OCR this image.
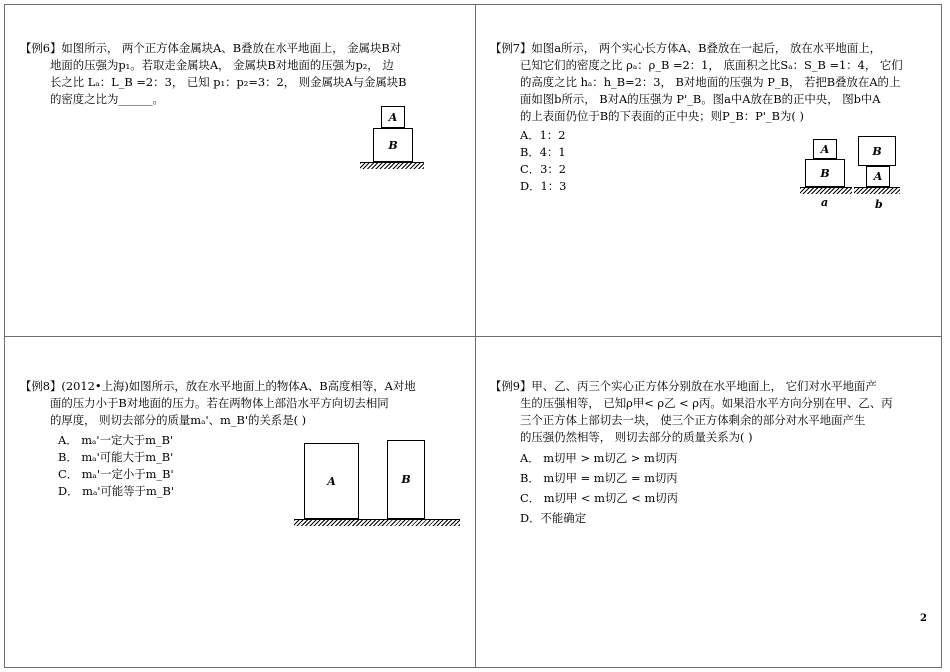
【例6】如图所示， 两个正方体金属块A、B叠放在水平地面上， 金属块B对
地面的压强为p₁。若取走金属块A， 金属块B对地面的压强为p₂， 边
长之比 Lₐ：L_B =2：3， 已知 p₁：p₂=3：2， 则金属块A与金属块B
的密度之比为______。
A
B
【例7】如图a所示， 两个实心长方体A、B叠放在一起后， 放在水平地面上，
已知它们的密度之比 ρₐ：ρ_B =2：1， 底面积之比Sₐ：S_B =1：4， 它们
的高度之比 hₐ：h_B=2：3， B对地面的压强为 P_B， 若把B叠放在A的上
面如图b所示， B对A的压强为 P'_B。图a中A放在B的正中央， 图b中A
的上表面仍位于B的下表面的正中央；则P_B：P'_B为( )
A．1：2
B．4：1
C．3：2
D．1：3
A
B
B
A
a	b
【例8】(2012•上海)如图所示，放在水平地面上的物体A、B高度相等，A对地
面的压力小于B对地面的压力。若在两物体上部沿水平方向切去相同
的厚度， 则切去部分的质量mₐ'、m_B'的关系是( )
A． mₐ'一定大于m_B'
B． mₐ'可能大于m_B'
C． mₐ'一定小于m_B'
D． mₐ'可能等于m_B'
A	B
【例9】甲、乙、丙三个实心正方体分别放在水平地面上， 它们对水平地面产
生的压强相等， 已知ρ甲< ρ乙 < ρ丙。如果沿水平方向分别在甲、乙、丙
三个正方体上部切去一块， 使三个正方体剩余的部分对水平地面产生
的压强仍然相等， 则切去部分的质量关系为( )
A． m切甲 > m切乙 > m切丙
B． m切甲 = m切乙 = m切丙
C． m切甲 < m切乙 < m切丙
D．不能确定
2
